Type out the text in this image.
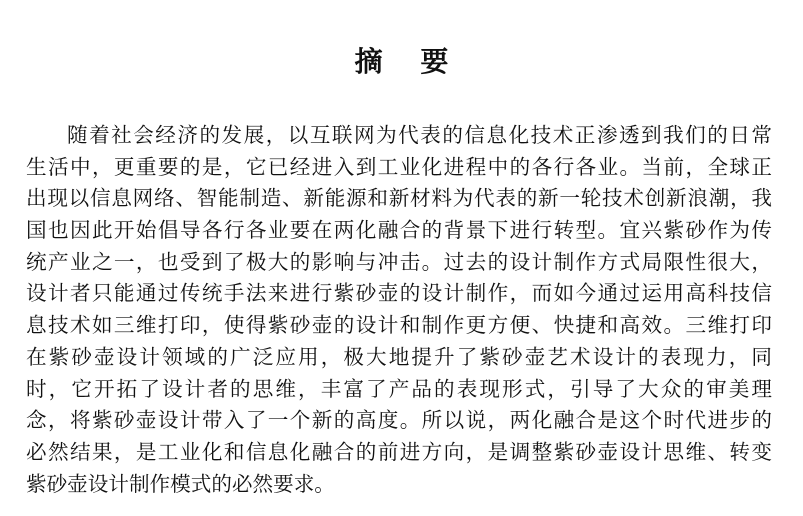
摘 要
随着社会经济的发展，以互联网为代表的信息化技术正渗透到我们的日常
生活中，更重要的是，它已经进入到工业化进程中的各行各业。当前，全球正
出现以信息网络、智能制造、新能源和新材料为代表的新一轮技术创新浪潮，我
国也因此开始倡导各行各业要在两化融合的背景下进行转型。宜兴紫砂作为传
统产业之一，也受到了极大的影响与冲击。过去的设计制作方式局限性很大，
设计者只能通过传统手法来进行紫砂壶的设计制作，而如今通过运用高科技信
息技术如三维打印，使得紫砂壶的设计和制作更方便、快捷和高效。三维打印
在紫砂壶设计领域的广泛应用，极大地提升了紫砂壶艺术设计的表现力，同
时，它开拓了设计者的思维，丰富了产品的表现形式，引导了大众的审美理
念，将紫砂壶设计带入了一个新的高度。所以说，两化融合是这个时代进步的
必然结果，是工业化和信息化融合的前进方向，是调整紫砂壶设计思维、转变
紫砂壶设计制作模式的必然要求。
